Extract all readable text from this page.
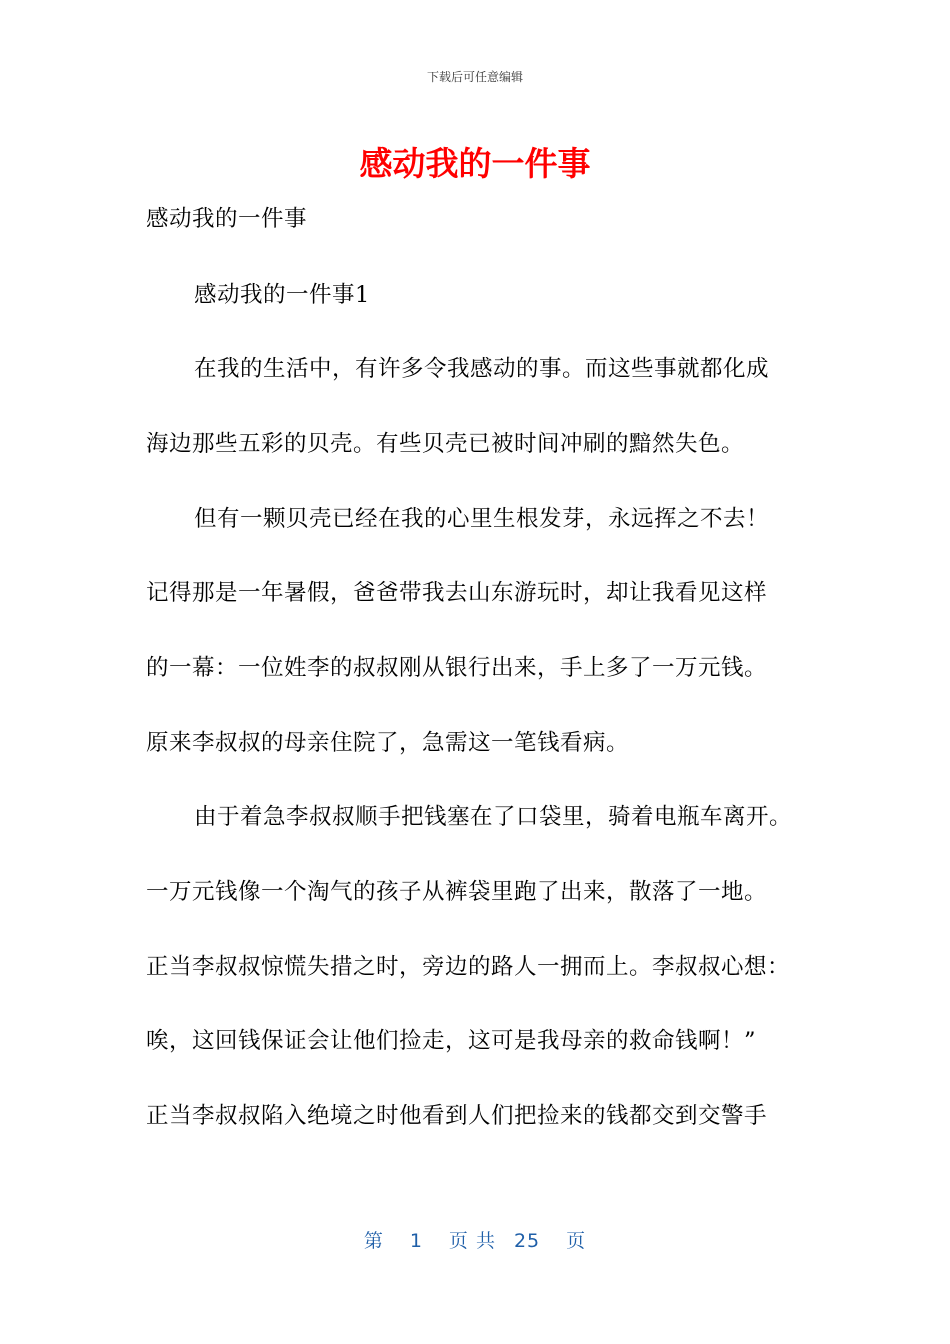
下载后可任意编辑
感动我的一件事
感动我的一件事
感动我的一件事1
在我的生活中，有许多令我感动的事。而这些事就都化成
海边那些五彩的贝壳。有些贝壳已被时间冲刷的黯然失色。
但有一颗贝壳已经在我的心里生根发芽，永远挥之不去！
记得那是一年暑假，爸爸带我去山东游玩时，却让我看见这样
的一幕：一位姓李的叔叔刚从银行出来，手上多了一万元钱。
原来李叔叔的母亲住院了，急需这一笔钱看病。
由于着急李叔叔顺手把钱塞在了口袋里，骑着电瓶车离开。
一万元钱像一个淘气的孩子从裤袋里跑了出来，散落了一地。
正当李叔叔惊慌失措之时，旁边的路人一拥而上。李叔叔心想：
唉，这回钱保证会让他们捡走，这可是我母亲的救命钱啊！”
正当李叔叔陷入绝境之时他看到人们把捡来的钱都交到交警手
第 1 页 共 25 页
